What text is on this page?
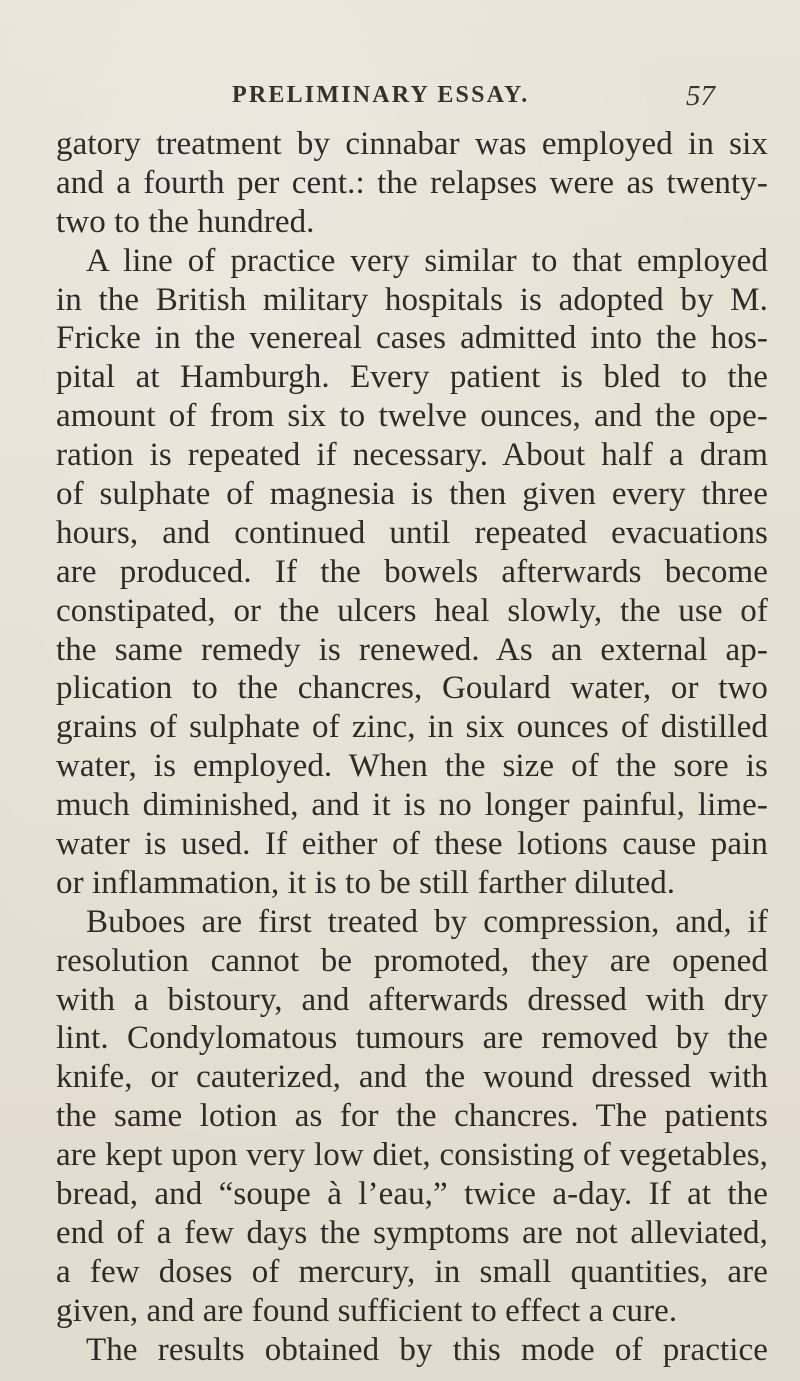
PRELIMINARY ESSAY.	57
gatory treatment by cinnabar was employed in six
and a fourth per cent.: the relapses were as twenty-
two to the hundred.
A line of practice very similar to that employed
in the British military hospitals is adopted by M.
Fricke in the venereal cases admitted into the hos-
pital at Hamburgh. Every patient is bled to the
amount of from six to twelve ounces, and the ope-
ration is repeated if necessary. About half a dram
of sulphate of magnesia is then given every three
hours, and continued until repeated evacuations
are produced. If the bowels afterwards become
constipated, or the ulcers heal slowly, the use of
the same remedy is renewed. As an external ap-
plication to the chancres, Goulard water, or two
grains of sulphate of zinc, in six ounces of distilled
water, is employed. When the size of the sore is
much diminished, and it is no longer painful, lime-
water is used. If either of these lotions cause pain
or inflammation, it is to be still farther diluted.
Buboes are first treated by compression, and, if
resolution cannot be promoted, they are opened
with a bistoury, and afterwards dressed with dry
lint. Condylomatous tumours are removed by the
knife, or cauterized, and the wound dressed with
the same lotion as for the chancres. The patients
are kept upon very low diet, consisting of vegetables,
bread, and “soupe à l’eau,” twice a-day. If at the
end of a few days the symptoms are not alleviated,
a few doses of mercury, in small quantities, are
given, and are found sufficient to effect a cure.
The results obtained by this mode of practice
